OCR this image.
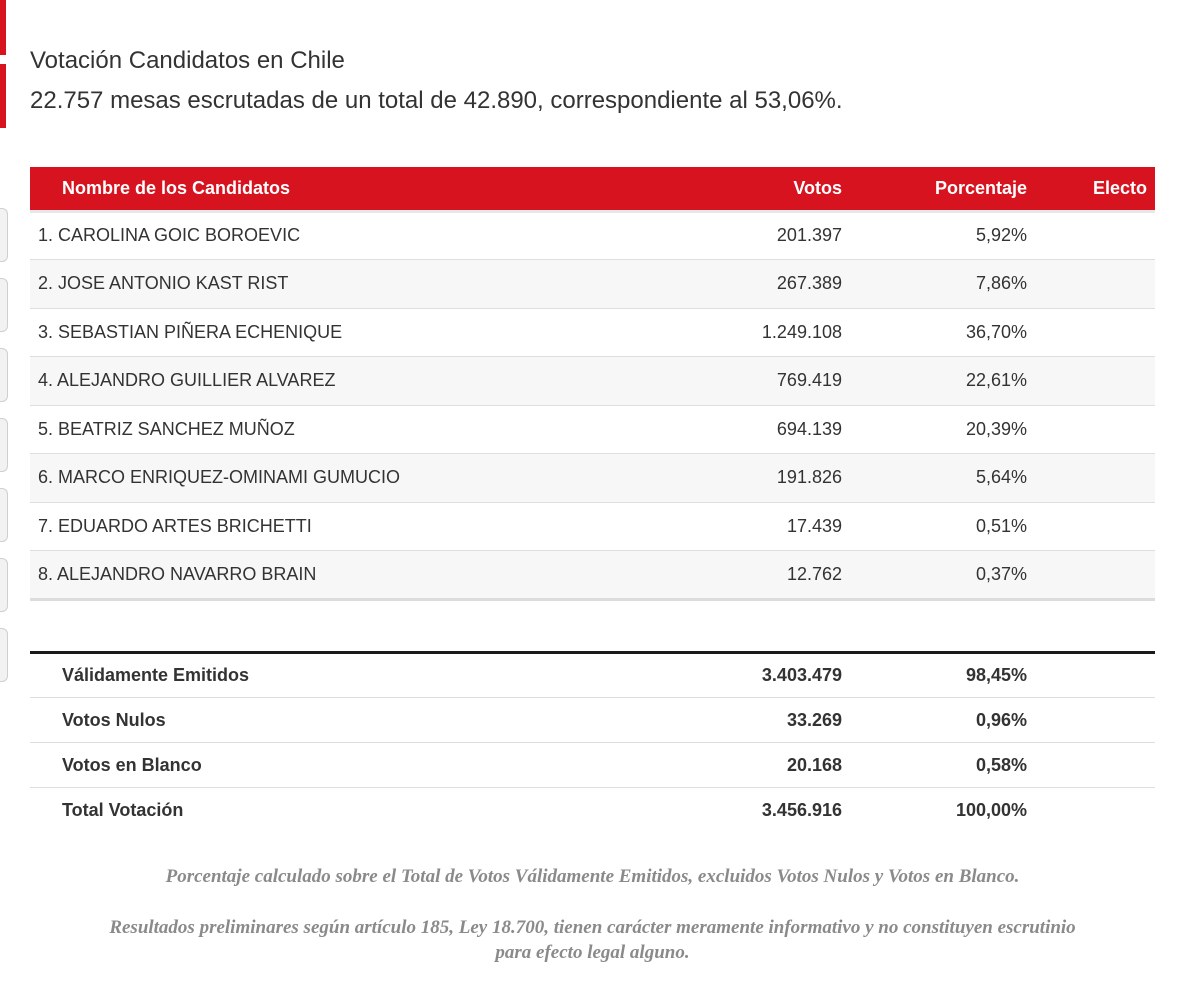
Votación Candidatos en Chile
22.757 mesas escrutadas de un total de 42.890, correspondiente al 53,06%.
Nombre de los Candidatos	Votos	Porcentaje	Electo
1. CAROLINA GOIC BOROEVIC	201.397	5,92%	
2. JOSE ANTONIO KAST RIST	267.389	7,86%	
3. SEBASTIAN PIÑERA ECHENIQUE	1.249.108	36,70%	
4. ALEJANDRO GUILLIER ALVAREZ	769.419	22,61%	
5. BEATRIZ SANCHEZ MUÑOZ	694.139	20,39%	
6. MARCO ENRIQUEZ-OMINAMI GUMUCIO	191.826	5,64%	
7. EDUARDO ARTES BRICHETTI	17.439	0,51%	
8. ALEJANDRO NAVARRO BRAIN	12.762	0,37%	
Válidamente Emitidos	3.403.479	98,45%	
Votos Nulos	33.269	0,96%	
Votos en Blanco	20.168	0,58%	
Total Votación	3.456.916	100,00%	

Porcentaje calculado sobre el Total de Votos Válidamente Emitidos, excluidos Votos Nulos y Votos en Blanco.

Resultados preliminares según artículo 185, Ley 18.700, tienen carácter meramente informativo y no constituyen escrutinio
para efecto legal alguno.
